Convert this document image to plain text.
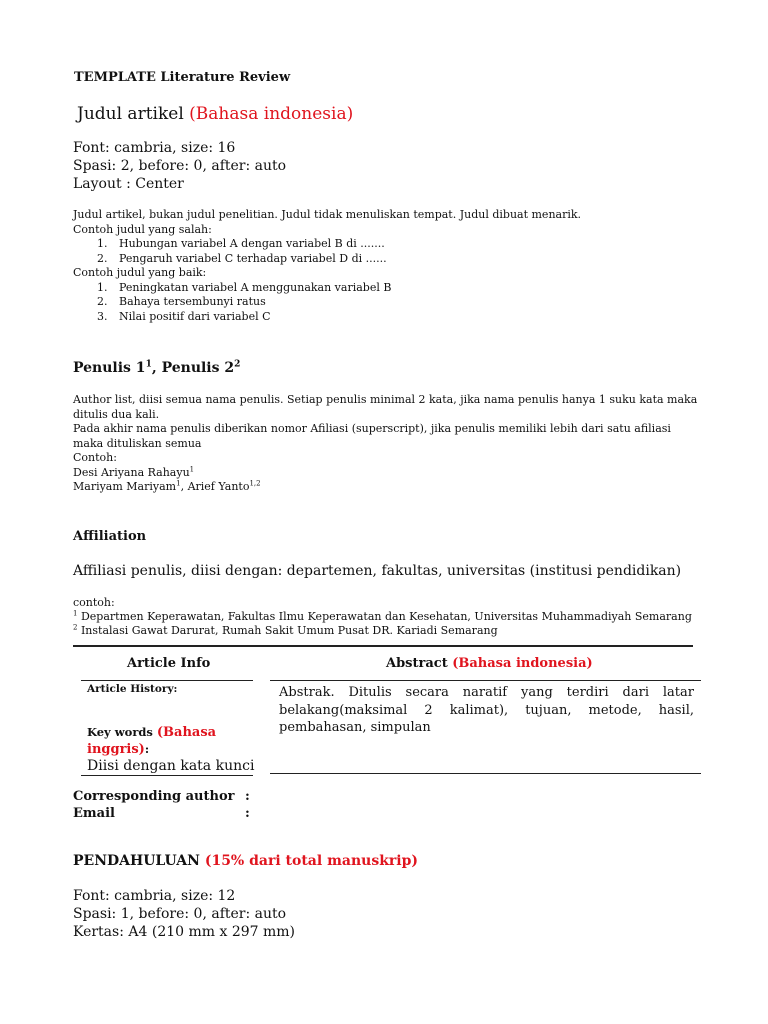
TEMPLATE Literature Review
Judul artikel (Bahasa indonesia)
Font: cambria, size: 16
Spasi: 2, before: 0, after: auto
Layout : Center
Judul artikel, bukan judul penelitian. Judul tidak menuliskan tempat. Judul dibuat menarik.
Contoh judul yang salah:
1. Hubungan variabel A dengan variabel B di .......
2. Pengaruh variabel C terhadap variabel D di ......
Contoh judul yang baik:
1. Peningkatan variabel A menggunakan variabel B
2. Bahaya tersembunyi ratus
3. Nilai positif dari variabel C
Penulis $1^1$, Penulis $2^2$
Author list, diisi semua nama penulis. Setiap penulis minimal 2 kata, jika nama penulis hanya 1 suku kata maka
ditulis dua kali.
Pada akhir nama penulis diberikan nomor Afiliasi (superscript), jika penulis memiliki lebih dari satu afiliasi
maka dituliskan semua
Contoh:
Desi Ariyana Rahayu$^1$
Mariyam Mariyam$^1$, Arief Yanto$^{1,2}$
Affiliation
Affiliasi penulis, diisi dengan: departemen, fakultas, universitas (institusi pendidikan)
contoh:
$^1$ Departmen Keperawatan, Fakultas Ilmu Keperawatan dan Kesehatan, Universitas Muhammadiyah Semarang
$^2$ Instalasi Gawat Darurat, Rumah Sakit Umum Pusat DR. Kariadi Semarang
Article Info	Abstract (Bahasa indonesia)
Article History:
Key words (Bahasa
inggris):
Diisi dengan kata kunci
Abstrak. Ditulis secara naratif yang terdiri dari latar
belakang(maksimal 2 kalimat), tujuan, metode, hasil,
pembahasan, simpulan
Corresponding author :
Email	:
PENDAHULUAN (15% dari total manuskrip)
Font: cambria, size: 12
Spasi: 1, before: 0, after: auto
Kertas: A4 (210 mm x 297 mm)
